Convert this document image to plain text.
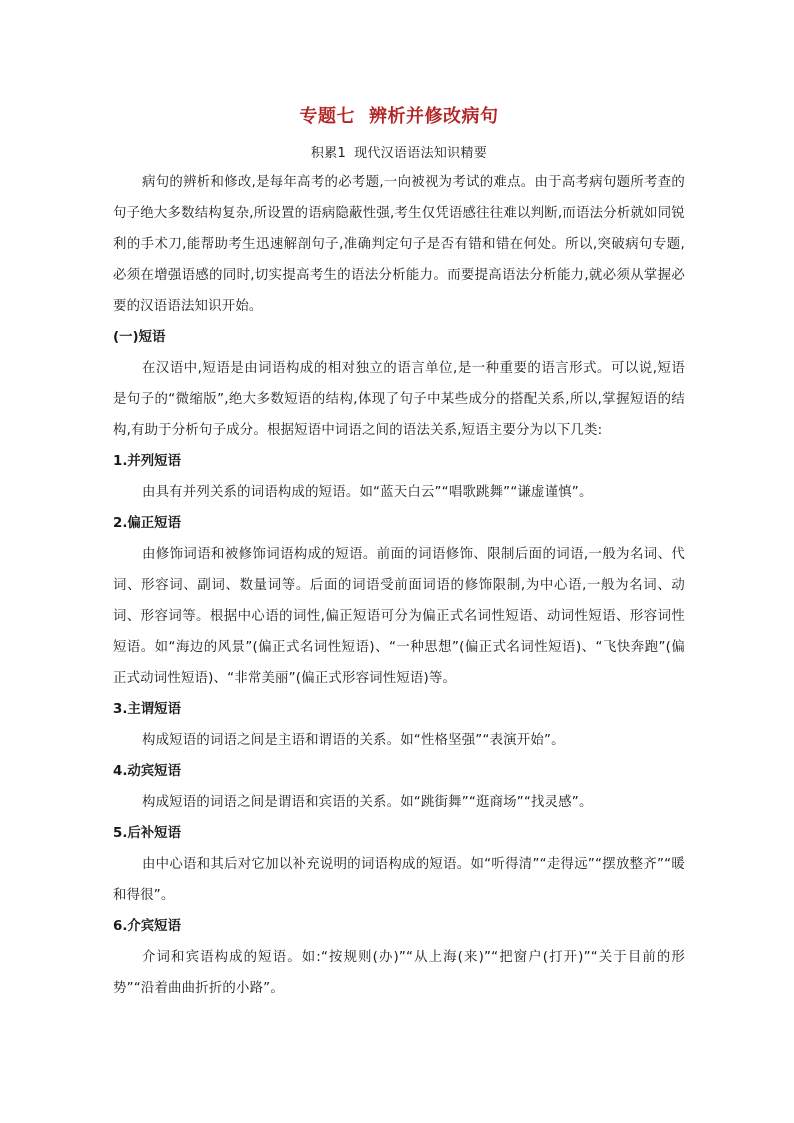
专题七 辨析并修改病句
积累1 现代汉语语法知识精要

病句的辨析和修改,是每年高考的必考题,一向被视为考试的难点。由于高考病句题所考查的句子绝大多数结构复杂,所设置的语病隐蔽性强,考生仅凭语感往往难以判断,而语法分析就如同锐利的手术刀,能帮助考生迅速解剖句子,准确判定句子是否有错和错在何处。所以,突破病句专题,必须在增强语感的同时,切实提高考生的语法分析能力。而要提高语法分析能力,就必须从掌握必要的汉语语法知识开始。

(一)短语

在汉语中,短语是由词语构成的相对独立的语言单位,是一种重要的语言形式。可以说,短语是句子的“微缩版”,绝大多数短语的结构,体现了句子中某些成分的搭配关系,所以,掌握短语的结构,有助于分析句子成分。根据短语中词语之间的语法关系,短语主要分为以下几类:

1.并列短语

由具有并列关系的词语构成的短语。如“蓝天白云”“唱歌跳舞”“谦虚谨慎”。

2.偏正短语

由修饰词语和被修饰词语构成的短语。前面的词语修饰、限制后面的词语,一般为名词、代词、形容词、副词、数量词等。后面的词语受前面词语的修饰限制,为中心语,一般为名词、动词、形容词等。根据中心语的词性,偏正短语可分为偏正式名词性短语、动词性短语、形容词性短语。如“海边的风景”(偏正式名词性短语)、“一种思想”(偏正式名词性短语)、“飞快奔跑”(偏正式动词性短语)、“非常美丽”(偏正式形容词性短语)等。

3.主谓短语

构成短语的词语之间是主语和谓语的关系。如“性格坚强”“表演开始”。

4.动宾短语

构成短语的词语之间是谓语和宾语的关系。如“跳街舞”“逛商场”“找灵感”。

5.后补短语

由中心语和其后对它加以补充说明的词语构成的短语。如“听得清”“走得远”“摆放整齐”“暖和得很”。

6.介宾短语

介词和宾语构成的短语。如:“按规则(办)”“从上海(来)”“把窗户(打开)”“关于目前的形势”“沿着曲曲折折的小路”。
